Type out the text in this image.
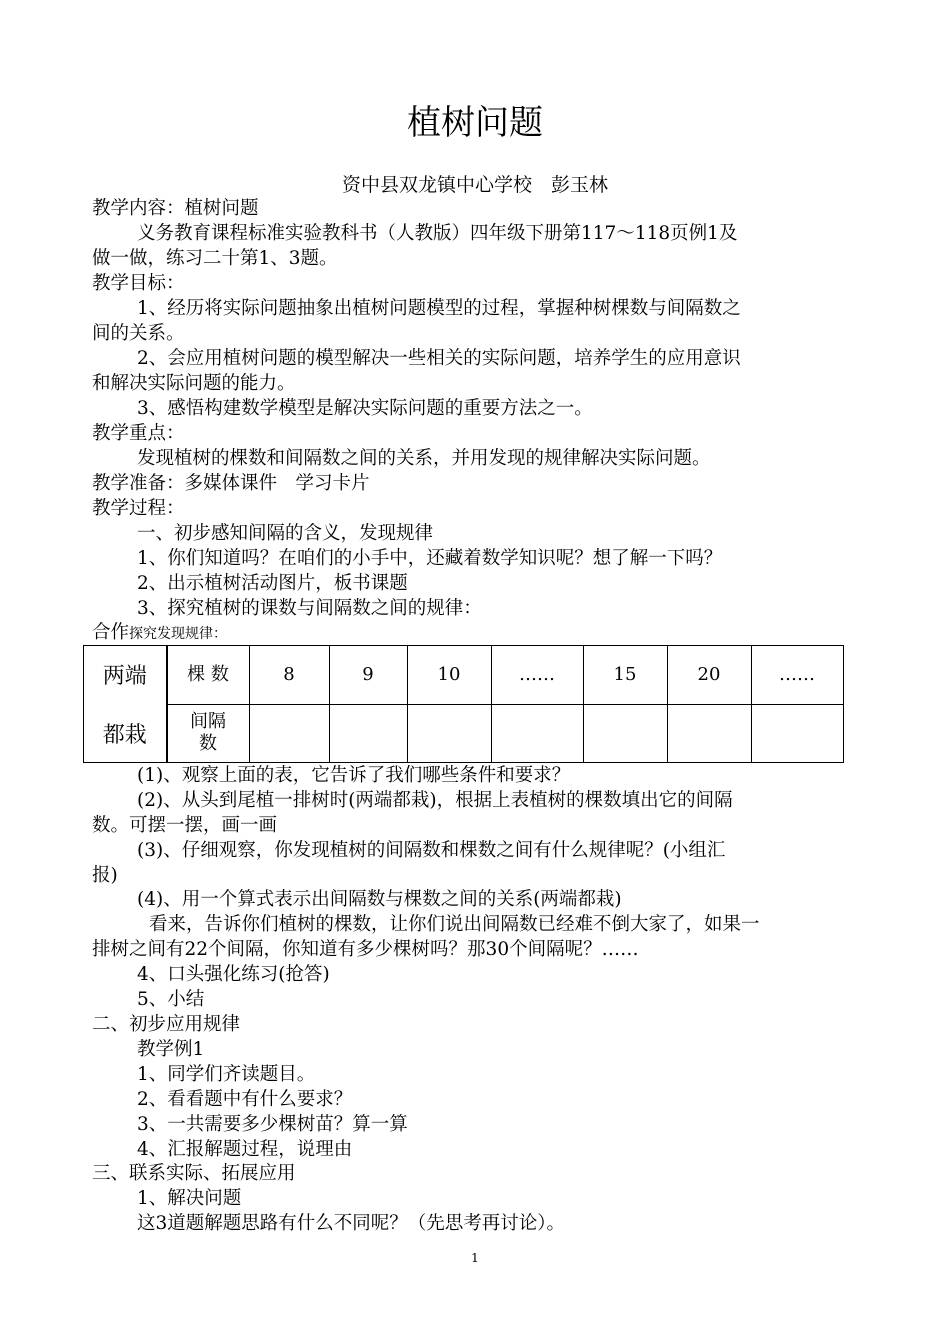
植树问题
资中县双龙镇中心学校　彭玉林
教学内容：植树问题
义务教育课程标准实验教科书（人教版）四年级下册第117～118页例1及
做一做，练习二十第1、3题。
教学目标：
1、经历将实际问题抽象出植树问题模型的过程，掌握种树棵数与间隔数之
间的关系。
2、会应用植树问题的模型解决一些相关的实际问题，培养学生的应用意识
和解决实际问题的能力。
3、感悟构建数学模型是解决实际问题的重要方法之一。
教学重点：
发现植树的棵数和间隔数之间的关系，并用发现的规律解决实际问题。
教学准备：多媒体课件　学习卡片
教学过程：
一、初步感知间隔的含义，发现规律
1、你们知道吗？在咱们的小手中，还藏着数学知识呢？想了解一下吗？
2、出示植树活动图片，板书课题
3、探究植树的课数与间隔数之间的规律：
合作探究发现规律：
两端	棵 数	8	9	10	……	15	20	……
都栽	间隔
数							

(1)、观察上面的表，它告诉了我们哪些条件和要求？
(2)、从头到尾植一排树时(两端都栽)，根据上表植树的棵数填出它的间隔
数。可摆一摆，画一画
(3)、仔细观察，你发现植树的间隔数和棵数之间有什么规律呢？(小组汇
报)
(4)、用一个算式表示出间隔数与棵数之间的关系(两端都栽)
看来，告诉你们植树的棵数，让你们说出间隔数已经难不倒大家了，如果一
排树之间有22个间隔，你知道有多少棵树吗？那30个间隔呢？……
4、口头强化练习(抢答)
5、小结
二、初步应用规律
教学例1
1、同学们齐读题目。
2、看看题中有什么要求？
3、一共需要多少棵树苗？算一算
4、汇报解题过程，说理由
三、联系实际、拓展应用
1、解决问题
这3道题解题思路有什么不同呢？（先思考再讨论）。
1
